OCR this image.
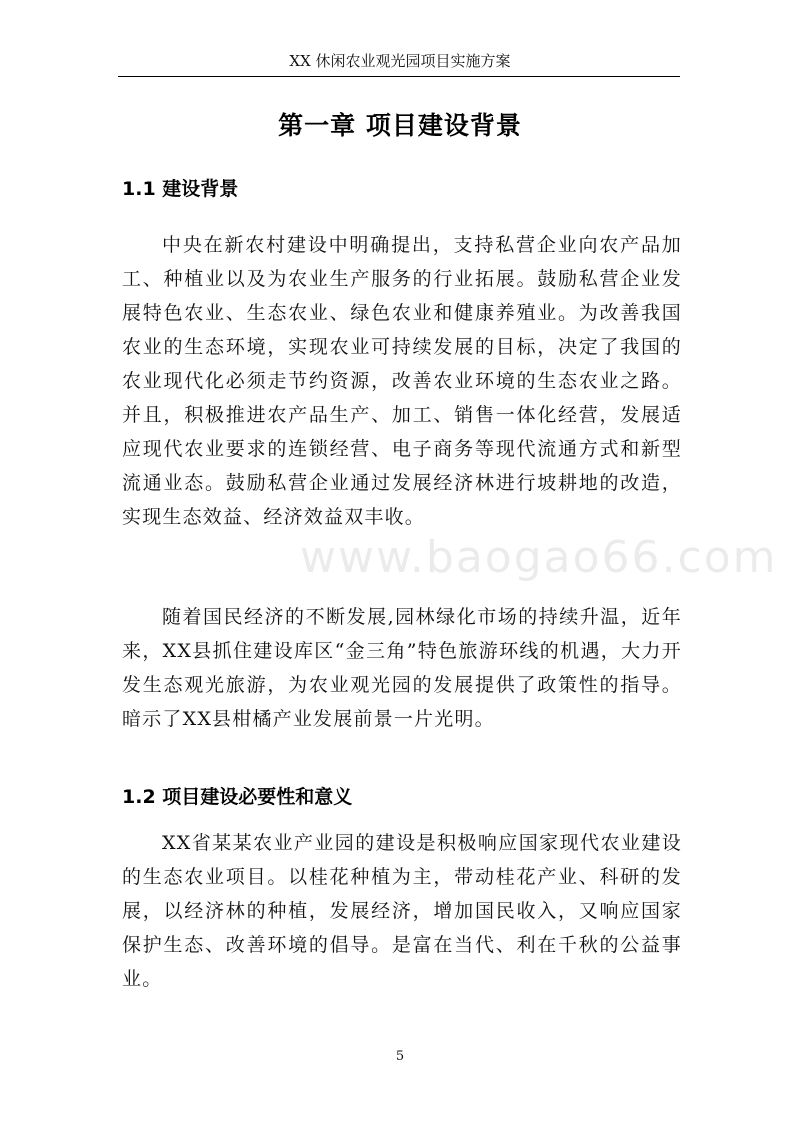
XX 休闲农业观光园项目实施方案
第一章 项目建设背景
1.1 建设背景

中央在新农村建设中明确提出，支持私营企业向农产品加工、种植业以及为农业生产服务的行业拓展。鼓励私营企业发展特色农业、生态农业、绿色农业和健康养殖业。为改善我国农业的生态环境，实现农业可持续发展的目标，决定了我国的农业现代化必须走节约资源，改善农业环境的生态农业之路。并且，积极推进农产品生产、加工、销售一体化经营，发展适应现代农业要求的连锁经营、电子商务等现代流通方式和新型流通业态。鼓励私营企业通过发展经济林进行坡耕地的改造，实现生态效益、经济效益双丰收。

随着国民经济的不断发展,园林绿化市场的持续升温，近年来，XX县抓住建设库区“金三角”特色旅游环线的机遇，大力开发生态观光旅游，为农业观光园的发展提供了政策性的指导。暗示了XX县柑橘产业发展前景一片光明。

www.baogao66.com
1.2 项目建设必要性和意义

XX省某某农业产业园的建设是积极响应国家现代农业建设的生态农业项目。以桂花种植为主，带动桂花产业、科研的发展，以经济林的种植，发展经济，增加国民收入，又响应国家保护生态、改善环境的倡导。是富在当代、利在千秋的公益事业。

5
